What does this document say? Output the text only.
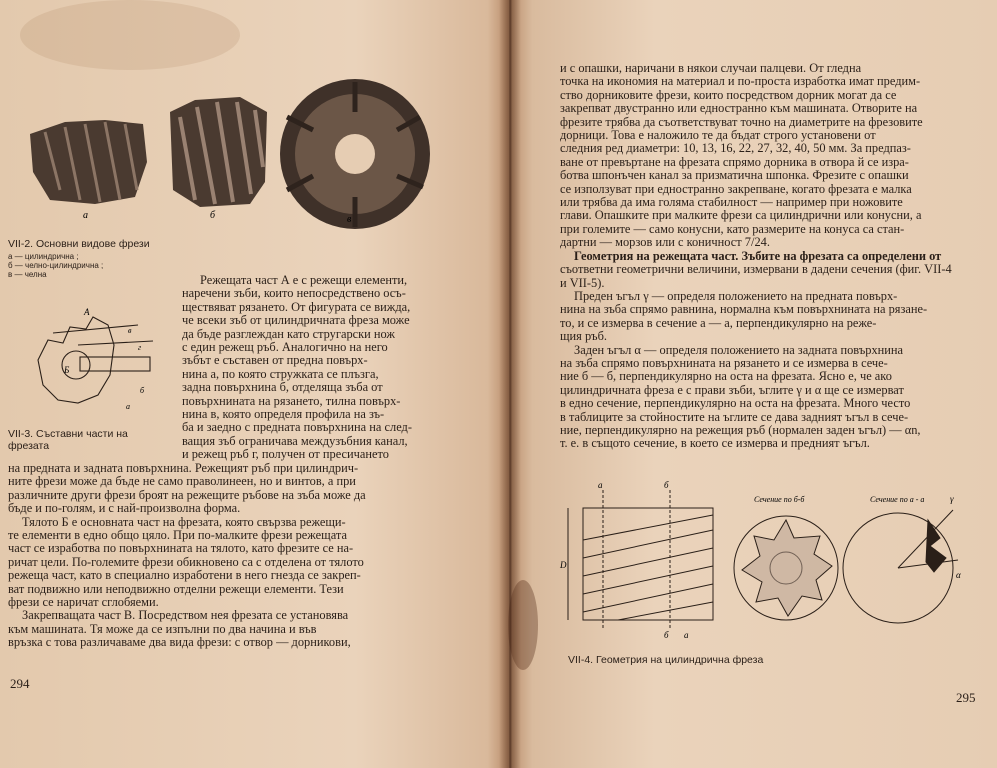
а	б	в
VII-2. Основни видове фрези
а — цилиндрична ;
б — челно-цилиндрична ;
в — челна
А
Б
в
г
б
а
VII-3. Съставни части на
фрезата

Режещата част А е с режещи елементи,

наречени зъби, които непосредствено осъ-

ществяват рязането. От фигурата се вижда,

че всеки зъб от цилиндричната фреза може

да бъде разглеждан като стругарски нож

с един режещ ръб. Аналогично на него

зъбът е съставен от предна повърх-

нина а, по която стружката се плъзга,

задна повърхнина б, отделяща зъба от

повърхнината на рязането, тилна повърх-

нина в, която определя профила на зъ-

ба и заедно с предната повърхнина на след-

ващия зъб ограничава междузъбния канал,

и режещ ръб г, получен от пресичането

на предната и задната повърхнина. Режещият ръб при цилиндрич-

ните фрези може да бъде не само праволинеен, но и винтов, а при

различните други фрези броят на режещите ръбове на зъба може да

бъде и по-голям, и с най-произволна форма.

Тялото Б е основната част на фрезата, която свързва режещи-

те елементи в едно общо цяло. При по-малките фрези режещата

част се изработва по повърхнината на тялото, като фрезите се на-

ричат цели. По-големите фрези обикновено са с отделена от тялото

режеща част, като в специално изработени в него гнезда се закреп-

ват подвижно или неподвижно отделни режещи елементи. Тези

фрези се наричат сглобяеми.

Закрепващата част В. Посредством нея фрезата се установява

към машината. Тя може да се изпълни по два начина и във

връзка с това различаваме два вида фрези: с отвор — дорникови,

294

и с опашки, наричани в някои случаи палцеви. От гледна

точка на икономия на материал и по-проста изработка имат предим-

ство дорниковите фрези, които посредством дорник могат да се

закрепват двустранно или едностранно към машината. Отворите на

фрезите трябва да съответствуват точно на диаметрите на фрезовите

дорници. Това е наложило те да бъдат строго установени от

следния ред диаметри: 10, 13, 16, 22, 27, 32, 40, 50 мм. За предпаз-

ване от превъртане на фрезата спрямо дорника в отвора й се изра-

ботва шпонъчен канал за призматична шпонка. Фрезите с опашки

се използуват при едностранно закрепване, когато фрезата е малка

или трябва да има голяма стабилност — например при ножовите

глави. Опашките при малките фрези са цилиндрични или конусни, а

при големите — само конусни, като размерите на конуса са стан-

дартни — морзов или с коничност 7/24.

Геометрия на режещата част. Зъбите на фрезата са определени от

съответни геометрични величини, измервани в дадени сечения (фиг. VII-4

и VII-5).

Преден ъгъл γ — определя положението на предната повърх-

нина на зъба спрямо равнина, нормална към повърхнината на рязане-

то, и се измерва в сечение а — а, перпендикулярно на реже-

щия ръб.

Заден ъгъл α — определя положението на задната повърхнина

на зъба спрямо повърхнината на рязането и се измерва в сече-

ние б — б, перпендикулярно на оста на фрезата. Ясно е, че ако

цилиндричната фреза е с прави зъби, ъглите γ и α ще се измерват

в едно сечение, перпендикулярно на оста на фрезата. Много често

в таблиците за стойностите на ъглите се дава задният ъгъл в сече-

ние, перпендикулярно на режещия ръб (нормален заден ъгъл) — αn,

т. е. в същото сечение, в което се измерва и предният ъгъл.

а	б
D
б а
γ
α
Сечение по б-б	Сечение по а - а
VII-4. Геометрия на цилиндрична фреза
295
